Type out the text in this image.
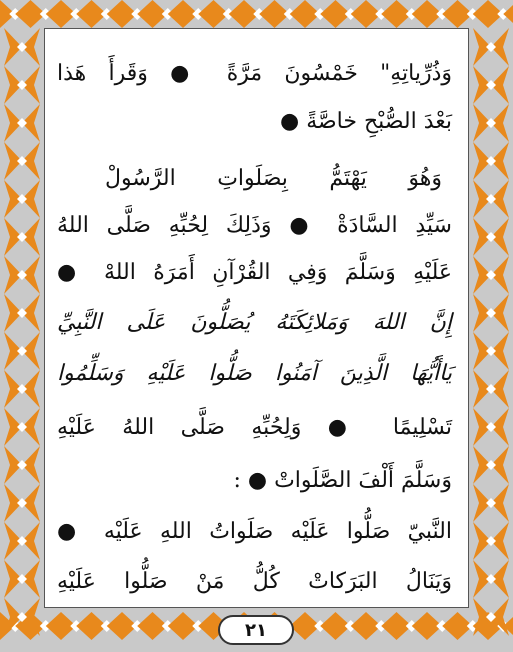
وَذُرِّياتِهِ" خَمْسُونَ مَرَّةً ● وَقَرأَ هَذا
بَعْدَ الصُّبْحِ خاصَّةً ●
وَهُوَ يَهْتَمُّ بِصَلَواتِ الرَّسُولْ
سَيِّدِ السَّادَةْ ● وَذَلِكَ لِحُبِّهِ صَلَّى اللهُ
عَلَيْهِ وَسَلَّمَ وَفِي القُرْآنِ أَمَرَهُ اللهْ ●
إِنَّ اللهَ وَمَلائِكَتَهُ يُصَلُّونَ عَلَى النَّبِيِّ
يَاأَيُّهَا الَّذِينَ آمَنُوا صَلُّوا عَلَيْهِ وَسَلِّمُوا
تَسْلِيمًا ● وَلِحُبِّهِ صَلَّى اللهُ عَلَيْهِ
وَسَلَّمَ أَلْفَ الصَّلَواتْ ● :
النَّبيّ صَلُّوا عَلَيْه صَلَواتُ اللهِ عَلَيْه ●
وَيَنَالُ البَرَكاتْ كُلُّ مَنْ صَلُّوا عَلَيْهِ
٢١
